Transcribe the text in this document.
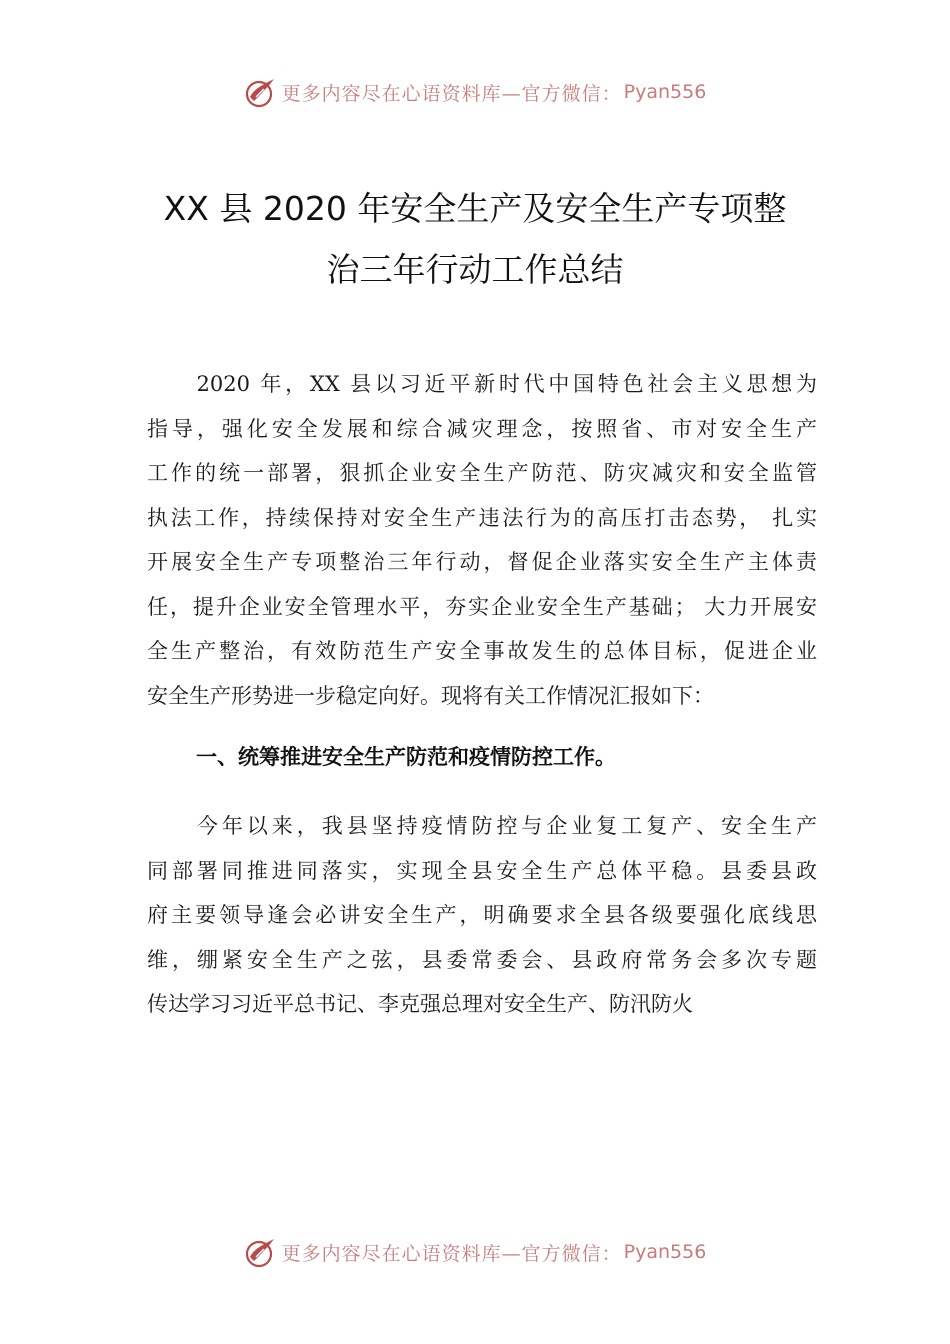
更多内容尽在心语资料库—官方微信： Pyan556
XX 县 2020 年安全生产及安全生产专项整
治三年行动工作总结
　　2020 年，XX 县以习近平新时代中国特色社会主义思想为
指导，强化安全发展和综合减灾理念，按照省、市对安全生产
工作的统一部署，狠抓企业安全生产防范、防灾减灾和安全监管
执法工作，持续保持对安全生产违法行为的高压打击态势， 扎实
开展安全生产专项整治三年行动，督促企业落实安全生产主体责
任，提升企业安全管理水平，夯实企业安全生产基础； 大力开展安
全生产整治，有效防范生产安全事故发生的总体目标，促进企业
安全生产形势进一步稳定向好。现将有关工作情况汇报如下：
一、统筹推进安全生产防范和疫情防控工作。
　　今年以来，我县坚持疫情防控与企业复工复产、安全生产
同部署同推进同落实，实现全县安全生产总体平稳。县委县政
府主要领导逢会必讲安全生产，明确要求全县各级要强化底线思
维，绷紧安全生产之弦，县委常委会、县政府常务会多次专题
传达学习习近平总书记、李克强总理对安全生产、防汛防火
更多内容尽在心语资料库—官方微信： Pyan556
